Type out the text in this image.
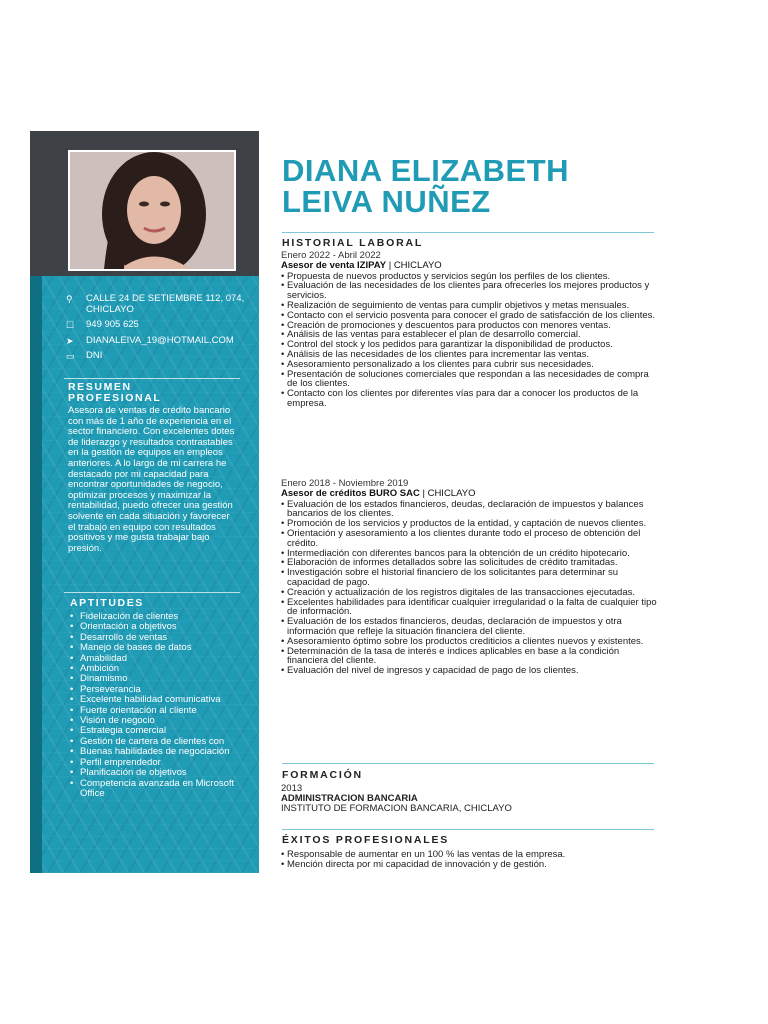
⚲	CALLE 24 DE SETIEMBRE 112, 074, CHICLAYO
☐	949 905 625
➤	DIANALEIVA_19@HOTMAIL.COM
▭	DNI
RESUMEN PROFESIONAL
Asesora de ventas de crédito bancario con más de 1 año de experiencia en el sector financiero. Con excelentes dotes de liderazgo y resultados contrastables en la gestión de equipos en empleos anteriores. A lo largo de mi carrera he destacado por mi capacidad para encontrar oportunidades de negocio, optimizar procesos y maximizar la rentabilidad, puedo ofrecer una gestión solvente en cada situación y favorecer el trabajo en equipo con resultados positivos y me gusta trabajar bajo presión.
APTITUDES
• Fidelización de clientes
• Orientación a objetivos
• Desarrollo de ventas
• Manejo de bases de datos
• Amabilidad
• Ambición
• Dinamismo
• Perseverancia
• Excelente habilidad comunicativa
• Fuerte orientación al cliente
• Visión de negocio
• Estrategia comercial
• Gestión de cartera de clientes con
• Buenas habilidades de negociación
• Perfil emprendedor
• Planificación de objetivos
• Competencia avanzada en Microsoft Office
DIANA ELIZABETH
LEIVA NUÑEZ
HISTORIAL LABORAL
Enero 2022 - Abril 2022
Asesor de venta IZIPAY | CHICLAYO
• Propuesta de nuevos productos y servicios según los perfiles de los clientes.
• Evaluación de las necesidades de los clientes para ofrecerles los mejores productos y servicios.
• Realización de seguimiento de ventas para cumplir objetivos y metas mensuales.
• Contacto con el servicio posventa para conocer el grado de satisfacción de los clientes.
• Creación de promociones y descuentos para productos con menores ventas.
• Análisis de las ventas para establecer el plan de desarrollo comercial.
• Control del stock y los pedidos para garantizar la disponibilidad de productos.
• Análisis de las necesidades de los clientes para incrementar las ventas.
• Asesoramiento personalizado a los clientes para cubrir sus necesidades.
• Presentación de soluciones comerciales que respondan a las necesidades de compra de los clientes.
• Contacto con los clientes por diferentes vías para dar a conocer los productos de la empresa.
Enero 2018 - Noviembre 2019
Asesor de créditos BURO SAC | CHICLAYO
• Evaluación de los estados financieros, deudas, declaración de impuestos y balances bancarios de los clientes.
• Promoción de los servicios y productos de la entidad, y captación de nuevos clientes.
• Orientación y asesoramiento a los clientes durante todo el proceso de obtención del crédito.
• Intermediación con diferentes bancos para la obtención de un crédito hipotecario.
• Elaboración de informes detallados sobre las solicitudes de crédito tramitadas.
• Investigación sobre el historial financiero de los solicitantes para determinar su capacidad de pago.
• Creación y actualización de los registros digitales de las transacciones ejecutadas.
• Excelentes habilidades para identificar cualquier irregularidad o la falta de cualquier tipo de información.
• Evaluación de los estados financieros, deudas, declaración de impuestos y otra información que refleje la situación financiera del cliente.
• Asesoramiento óptimo sobre los productos crediticios a clientes nuevos y existentes.
• Determinación de la tasa de interés e índices aplicables en base a la condición financiera del cliente.
• Evaluación del nivel de ingresos y capacidad de pago de los clientes.
FORMACIÓN
2013
ADMINISTRACION BANCARIA
INSTITUTO DE FORMACION BANCARIA, CHICLAYO
ÉXITOS PROFESIONALES
• Responsable de aumentar en un 100 % las ventas de la empresa.
• Mención directa por mi capacidad de innovación y de gestión.
